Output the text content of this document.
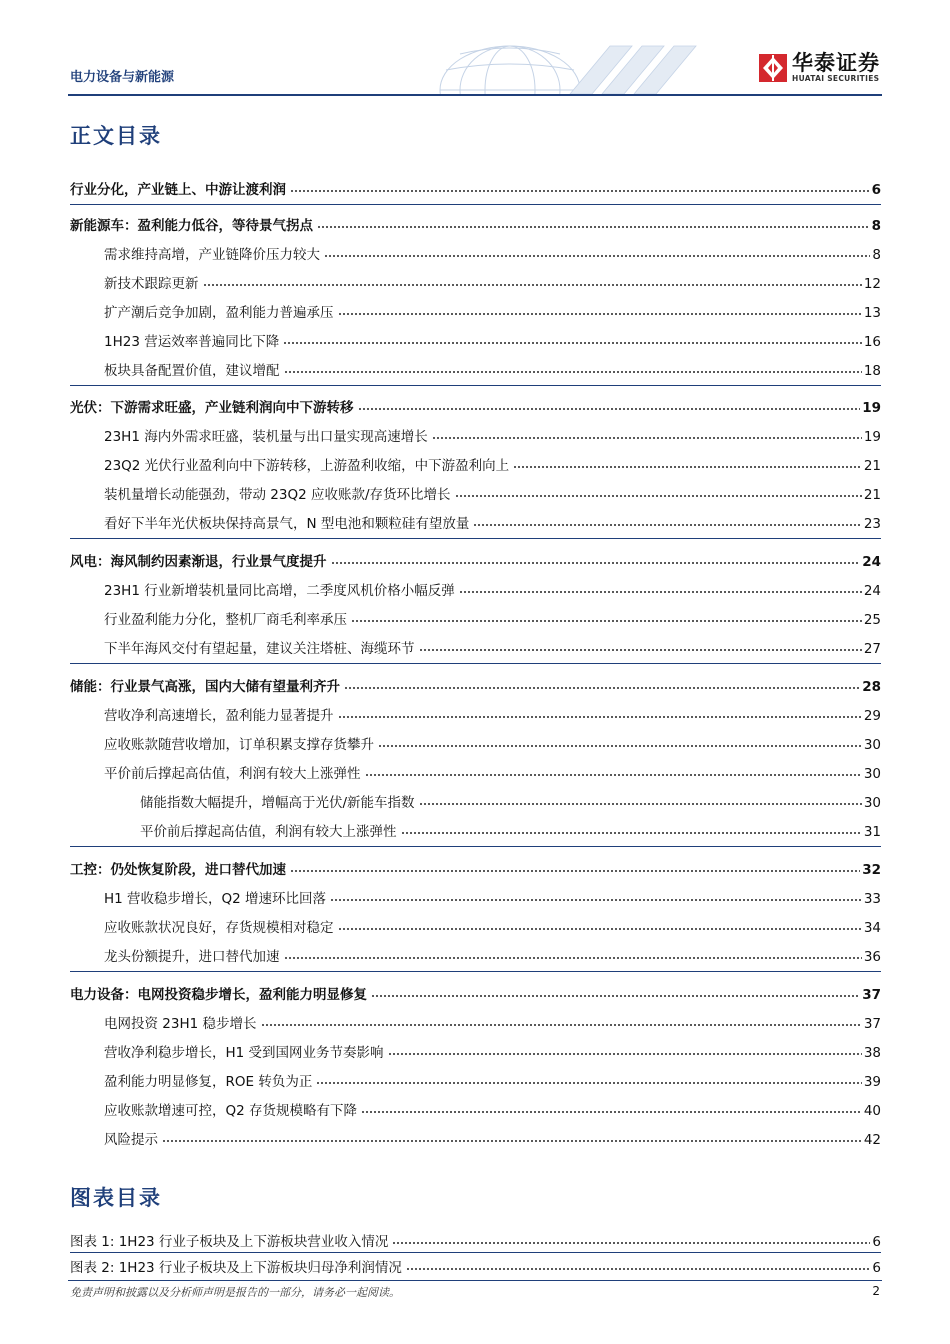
电力设备与新能源
华泰证券
HUATAI SECURITIES
正文目录
行业分化，产业链上、中游让渡利润	6
新能源车：盈利能力低谷，等待景气拐点	8
需求维持高增，产业链降价压力较大	8
新技术跟踪更新	12
扩产潮后竞争加剧，盈利能力普遍承压	13
1H23 营运效率普遍同比下降	16
板块具备配置价值，建议增配	18
光伏：下游需求旺盛，产业链利润向中下游转移	19
23H1 海内外需求旺盛，装机量与出口量实现高速增长	19
23Q2 光伏行业盈利向中下游转移，上游盈利收缩，中下游盈利向上	21
装机量增长动能强劲，带动 23Q2 应收账款/存货环比增长	21
看好下半年光伏板块保持高景气，N 型电池和颗粒硅有望放量	23
风电：海风制约因素渐退，行业景气度提升	24
23H1 行业新增装机量同比高增，二季度风机价格小幅反弹	24
行业盈利能力分化，整机厂商毛利率承压	25
下半年海风交付有望起量，建议关注塔桩、海缆环节	27
储能：行业景气高涨，国内大储有望量利齐升	28
营收净利高速增长，盈利能力显著提升	29
应收账款随营收增加，订单积累支撑存货攀升	30
平价前后撑起高估值，利润有较大上涨弹性	30
储能指数大幅提升，增幅高于光伏/新能车指数	30
平价前后撑起高估值，利润有较大上涨弹性	31
工控：仍处恢复阶段，进口替代加速	32
H1 营收稳步增长，Q2 增速环比回落	33
应收账款状况良好，存货规模相对稳定	34
龙头份额提升，进口替代加速	36
电力设备：电网投资稳步增长，盈利能力明显修复	37
电网投资 23H1 稳步增长	37
营收净利稳步增长，H1 受到国网业务节奏影响	38
盈利能力明显修复，ROE 转负为正	39
应收账款增速可控，Q2 存货规模略有下降	40
风险提示	42
图表目录
图表 1: 1H23 行业子板块及上下游板块营业收入情况	6
图表 2: 1H23 行业子板块及上下游板块归母净利润情况	6
免责声明和披露以及分析师声明是报告的一部分，请务必一起阅读。	2
